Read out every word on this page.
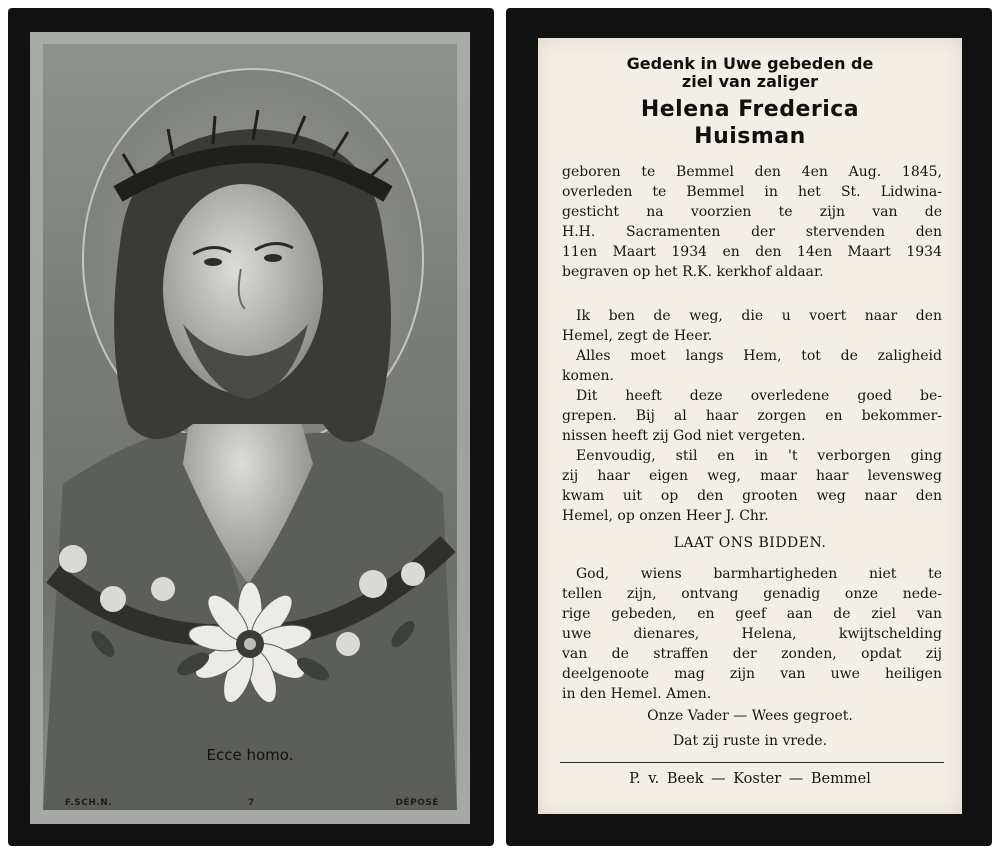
Ecce homo.
F.SCH.N.	7	DÉPOSÉ
Gedenk in Uwe gebeden de
ziel van zaliger
Helena Frederica
Huisman

geboren te Bemmel den 4en Aug. 1845,

overleden te Bemmel in het St. Lidwina-

gesticht na voorzien te zijn van de

H.H. Sacramenten der stervenden den

11en Maart 1934 en den 14en Maart 1934

begraven op het R.K. kerkhof aldaar.

Ik ben de weg, die u voert naar den

Hemel, zegt de Heer.

Alles moet langs Hem, tot de zaligheid

komen.

Dit heeft deze overledene goed be-

grepen. Bij al haar zorgen en bekommer-

nissen heeft zij God niet vergeten.

Eenvoudig, stil en in 't verborgen ging

zij haar eigen weg, maar haar levensweg

kwam uit op den grooten weg naar den

Hemel, op onzen Heer J. Chr.

LAAT ONS BIDDEN.

God, wiens barmhartigheden niet te

tellen zijn, ontvang genadig onze nede-

rige gebeden, en geef aan de ziel van

uwe dienares, Helena, kwijtschelding

van de straffen der zonden, opdat zij

deelgenoote mag zijn van uwe heiligen

in den Hemel. Amen.

Onze Vader — Wees gegroet.
Dat zij ruste in vrede.
P. v. Beek — Koster — Bemmel
